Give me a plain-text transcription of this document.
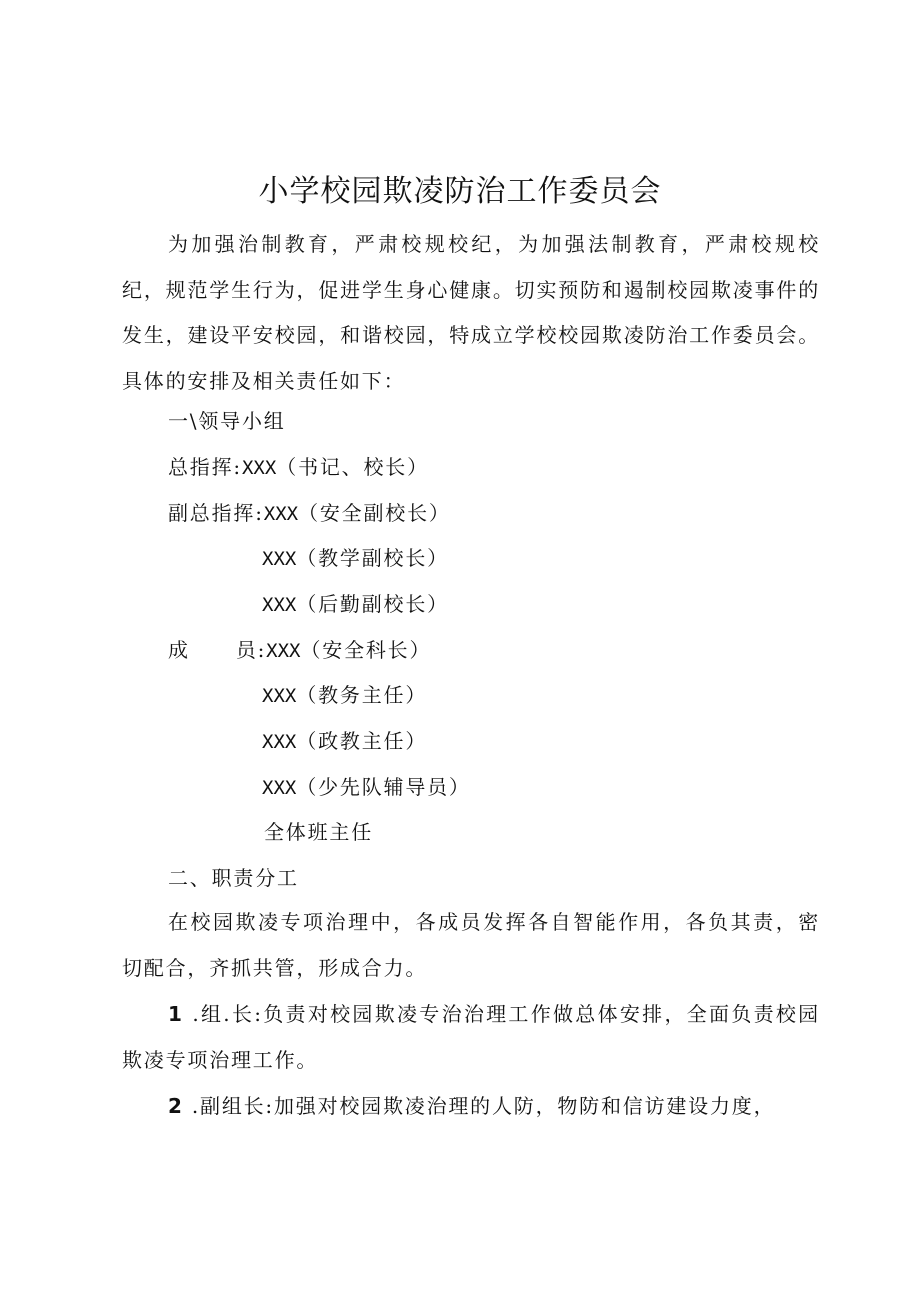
小学校园欺凌防治工作委员会

为加强治制教育，严肃校规校纪，为加强法制教育，严肃校规校纪，规范学生行为，促进学生身心健康。切实预防和遏制校园欺凌事件的发生，建设平安校园，和谐校园，特成立学校校园欺凌防治工作委员会。具体的安排及相关责任如下：

一\领导小组

总指挥:XXX（书记、校长）

副总指挥:XXX（安全副校长）

XXX（教学副校长）

XXX（后勤副校长）

成 员:XXX（安全科长）

XXX（教务主任）

XXX（政教主任）

XXX（少先队辅导员）

全体班主任

二、职责分工

在校园欺凌专项治理中，各成员发挥各自智能作用，各负其责，密切配合，齐抓共管，形成合力。

1 .组.长:负责对校园欺凌专治治理工作做总体安排，全面负责校园欺凌专项治理工作。

2 .副组长:加强对校园欺凌治理的人防，物防和信访建设力度，
